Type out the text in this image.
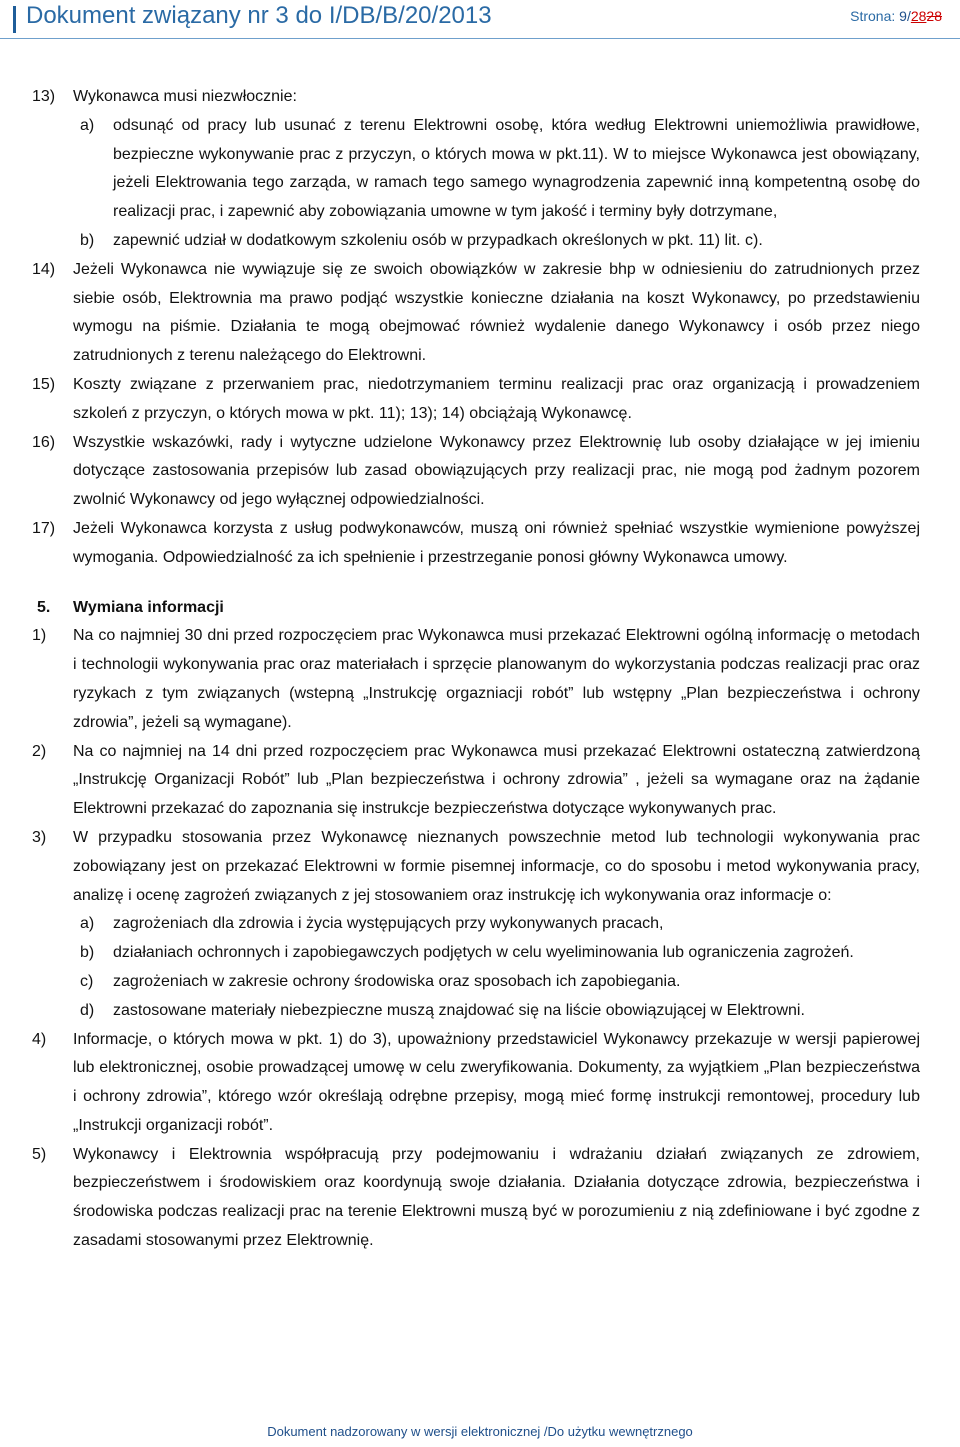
Dokument związany nr 3 do I/DB/B/20/2013	Strona: 9/2828
13) Wykonawca musi niezwłocznie:
a) odsunąć od pracy lub usunać z terenu Elektrowni osobę, która według Elektrowni uniemożliwia prawidłowe, bezpieczne wykonywanie prac z przyczyn, o których mowa w pkt.11). W to miejsce Wykonawca jest obowiązany, jeżeli Elektrowania tego zarząda, w ramach tego samego wynagrodzenia zapewnić inną kompetentną osobę do realizacji prac, i zapewnić aby zobowiązania umowne w tym jakość i terminy były dotrzymane,
b) zapewnić udział w dodatkowym szkoleniu osób w przypadkach określonych w pkt. 11) lit. c).
14) Jeżeli Wykonawca nie wywiązuje się ze swoich obowiązków w zakresie bhp w odniesieniu do zatrudnionych przez siebie osób, Elektrownia ma prawo podjąć wszystkie konieczne działania na koszt Wykonawcy, po przedstawieniu wymogu na piśmie. Działania te mogą obejmować również wydalenie danego Wykonawcy i osób przez niego zatrudnionych z terenu należącego do Elektrowni.
15) Koszty związane z przerwaniem prac, niedotrzymaniem terminu realizacji prac oraz organizacją i prowadzeniem szkoleń z przyczyn, o których mowa w pkt. 11); 13); 14) obciążają Wykonawcę.
16) Wszystkie wskazówki, rady i wytyczne udzielone Wykonawcy przez Elektrownię lub osoby działające w jej imieniu dotyczące zastosowania przepisów lub zasad obowiązujących przy realizacji prac, nie mogą pod żadnym pozorem zwolnić Wykonawcy od jego wyłącznej odpowiedzialności.
17) Jeżeli Wykonawca korzysta z usług podwykonawców, muszą oni również spełniać wszystkie wymienione powyższej wymogania. Odpowiedzialność za ich spełnienie i przestrzeganie ponosi główny Wykonawca umowy.
5. Wymiana informacji
1) Na co najmniej 30 dni przed rozpoczęciem prac Wykonawca musi przekazać Elektrowni ogólną informację o metodach i technologii wykonywania prac oraz materiałach i sprzęcie planowanym do wykorzystania podczas realizacji prac oraz ryzykach z tym związanych (wstepną „Instrukcję orgazniacji robót” lub wstępny „Plan bezpieczeństwa i ochrony zdrowia”, jeżeli są wymagane).
2) Na co najmniej na 14 dni przed rozpoczęciem prac Wykonawca musi przekazać Elektrowni ostateczną zatwierdzoną „Instrukcję Organizacji Robót” lub „Plan bezpieczeństwa i ochrony zdrowia” , jeżeli sa wymagane oraz na żądanie Elektrowni przekazać do zapoznania się instrukcje bezpieczeństwa dotyczące wykonywanych prac.
3) W przypadku stosowania przez Wykonawcę nieznanych powszechnie metod lub technologii wykonywania prac zobowiązany jest on przekazać Elektrowni w formie pisemnej informacje, co do sposobu i metod wykonywania pracy, analizę i ocenę zagrożeń związanych z jej stosowaniem oraz instrukcję ich wykonywania oraz informacje o:
a) zagrożeniach dla zdrowia i życia występujących przy wykonywanych pracach,
b) działaniach ochronnych i zapobiegawczych podjętych w celu wyeliminowania lub ograniczenia zagrożeń.
c) zagrożeniach w zakresie ochrony środowiska oraz sposobach ich zapobiegania.
d) zastosowane materiały niebezpieczne muszą znajdować się na liście obowiązującej w Elektrowni.
4) Informacje, o których mowa w pkt. 1) do 3), upoważniony przedstawiciel Wykonawcy przekazuje w wersji papierowej lub elektronicznej, osobie prowadzącej umowę w celu zweryfikowania. Dokumenty, za wyjątkiem „Plan bezpieczeństwa i ochrony zdrowia”, którego wzór określają odrębne przepisy, mogą mieć formę instrukcji remontowej, procedury lub „Instrukcji organizacji robót”.
5) Wykonawcy i Elektrownia współpracują przy podejmowaniu i wdrażaniu działań związanych ze zdrowiem, bezpieczeństwem i środowiskiem oraz koordynują swoje działania. Działania dotyczące zdrowia, bezpieczeństwa i środowiska podczas realizacji prac na terenie Elektrowni muszą być w porozumieniu z nią zdefiniowane i być zgodne z zasadami stosowanymi przez Elektrownię.
Dokument nadzorowany w wersji elektronicznej /Do użytku wewnętrznego
